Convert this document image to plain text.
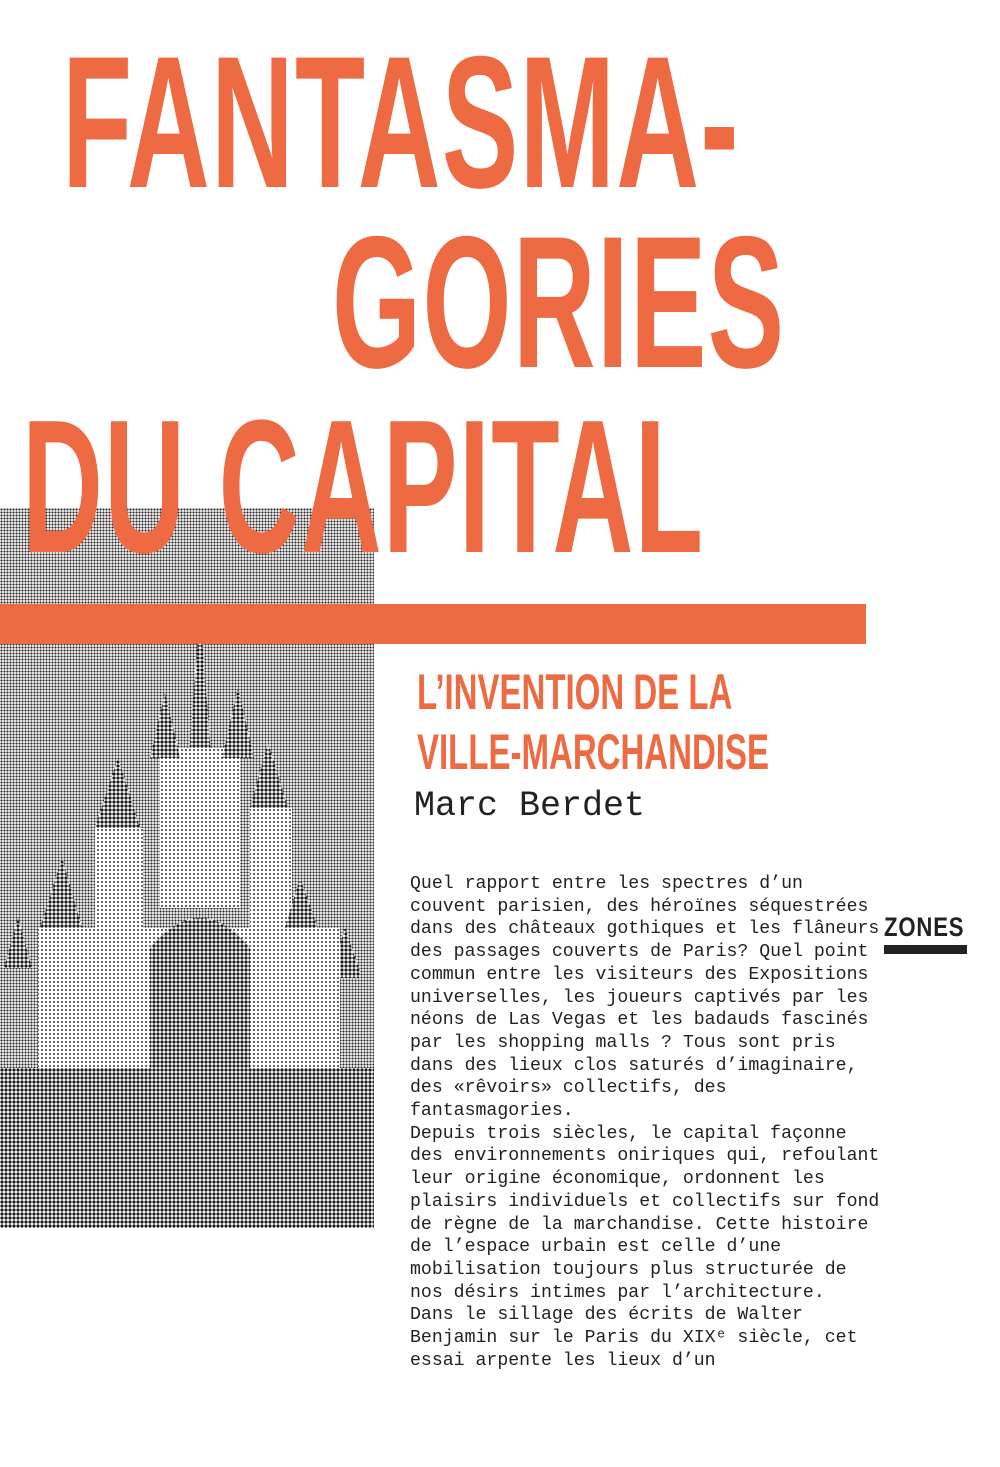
FANTASMA-
GORIES
DU CAPITAL
L’INVENTION DE LA
VILLE-MARCHANDISE
Marc Berdet

Quel rapport entre les spectres d’un couvent parisien, des héroïnes séquestrées dans des châteaux gothiques et les flâneurs des passages couverts de Paris? Quel point commun entre les visiteurs des Expositions universelles, les joueurs captivés par les néons de Las Vegas et les badauds fascinés par les shopping malls ? Tous sont pris dans des lieux clos saturés d’imaginaire, des «rêvoirs» collectifs, des fantasmagories.

Depuis trois siècles, le capital façonne des environnements oniriques qui, refoulant leur origine économique, ordonnent les plaisirs individuels et collectifs sur fond de règne de la marchandise. Cette histoire de l’espace urbain est celle d’une mobilisation toujours plus structurée de nos désirs intimes par l’architecture.

Dans le sillage des écrits de Walter Benjamin sur le Paris du XIXᵉ siècle, cet essai arpente les lieux d’un

ZONES
